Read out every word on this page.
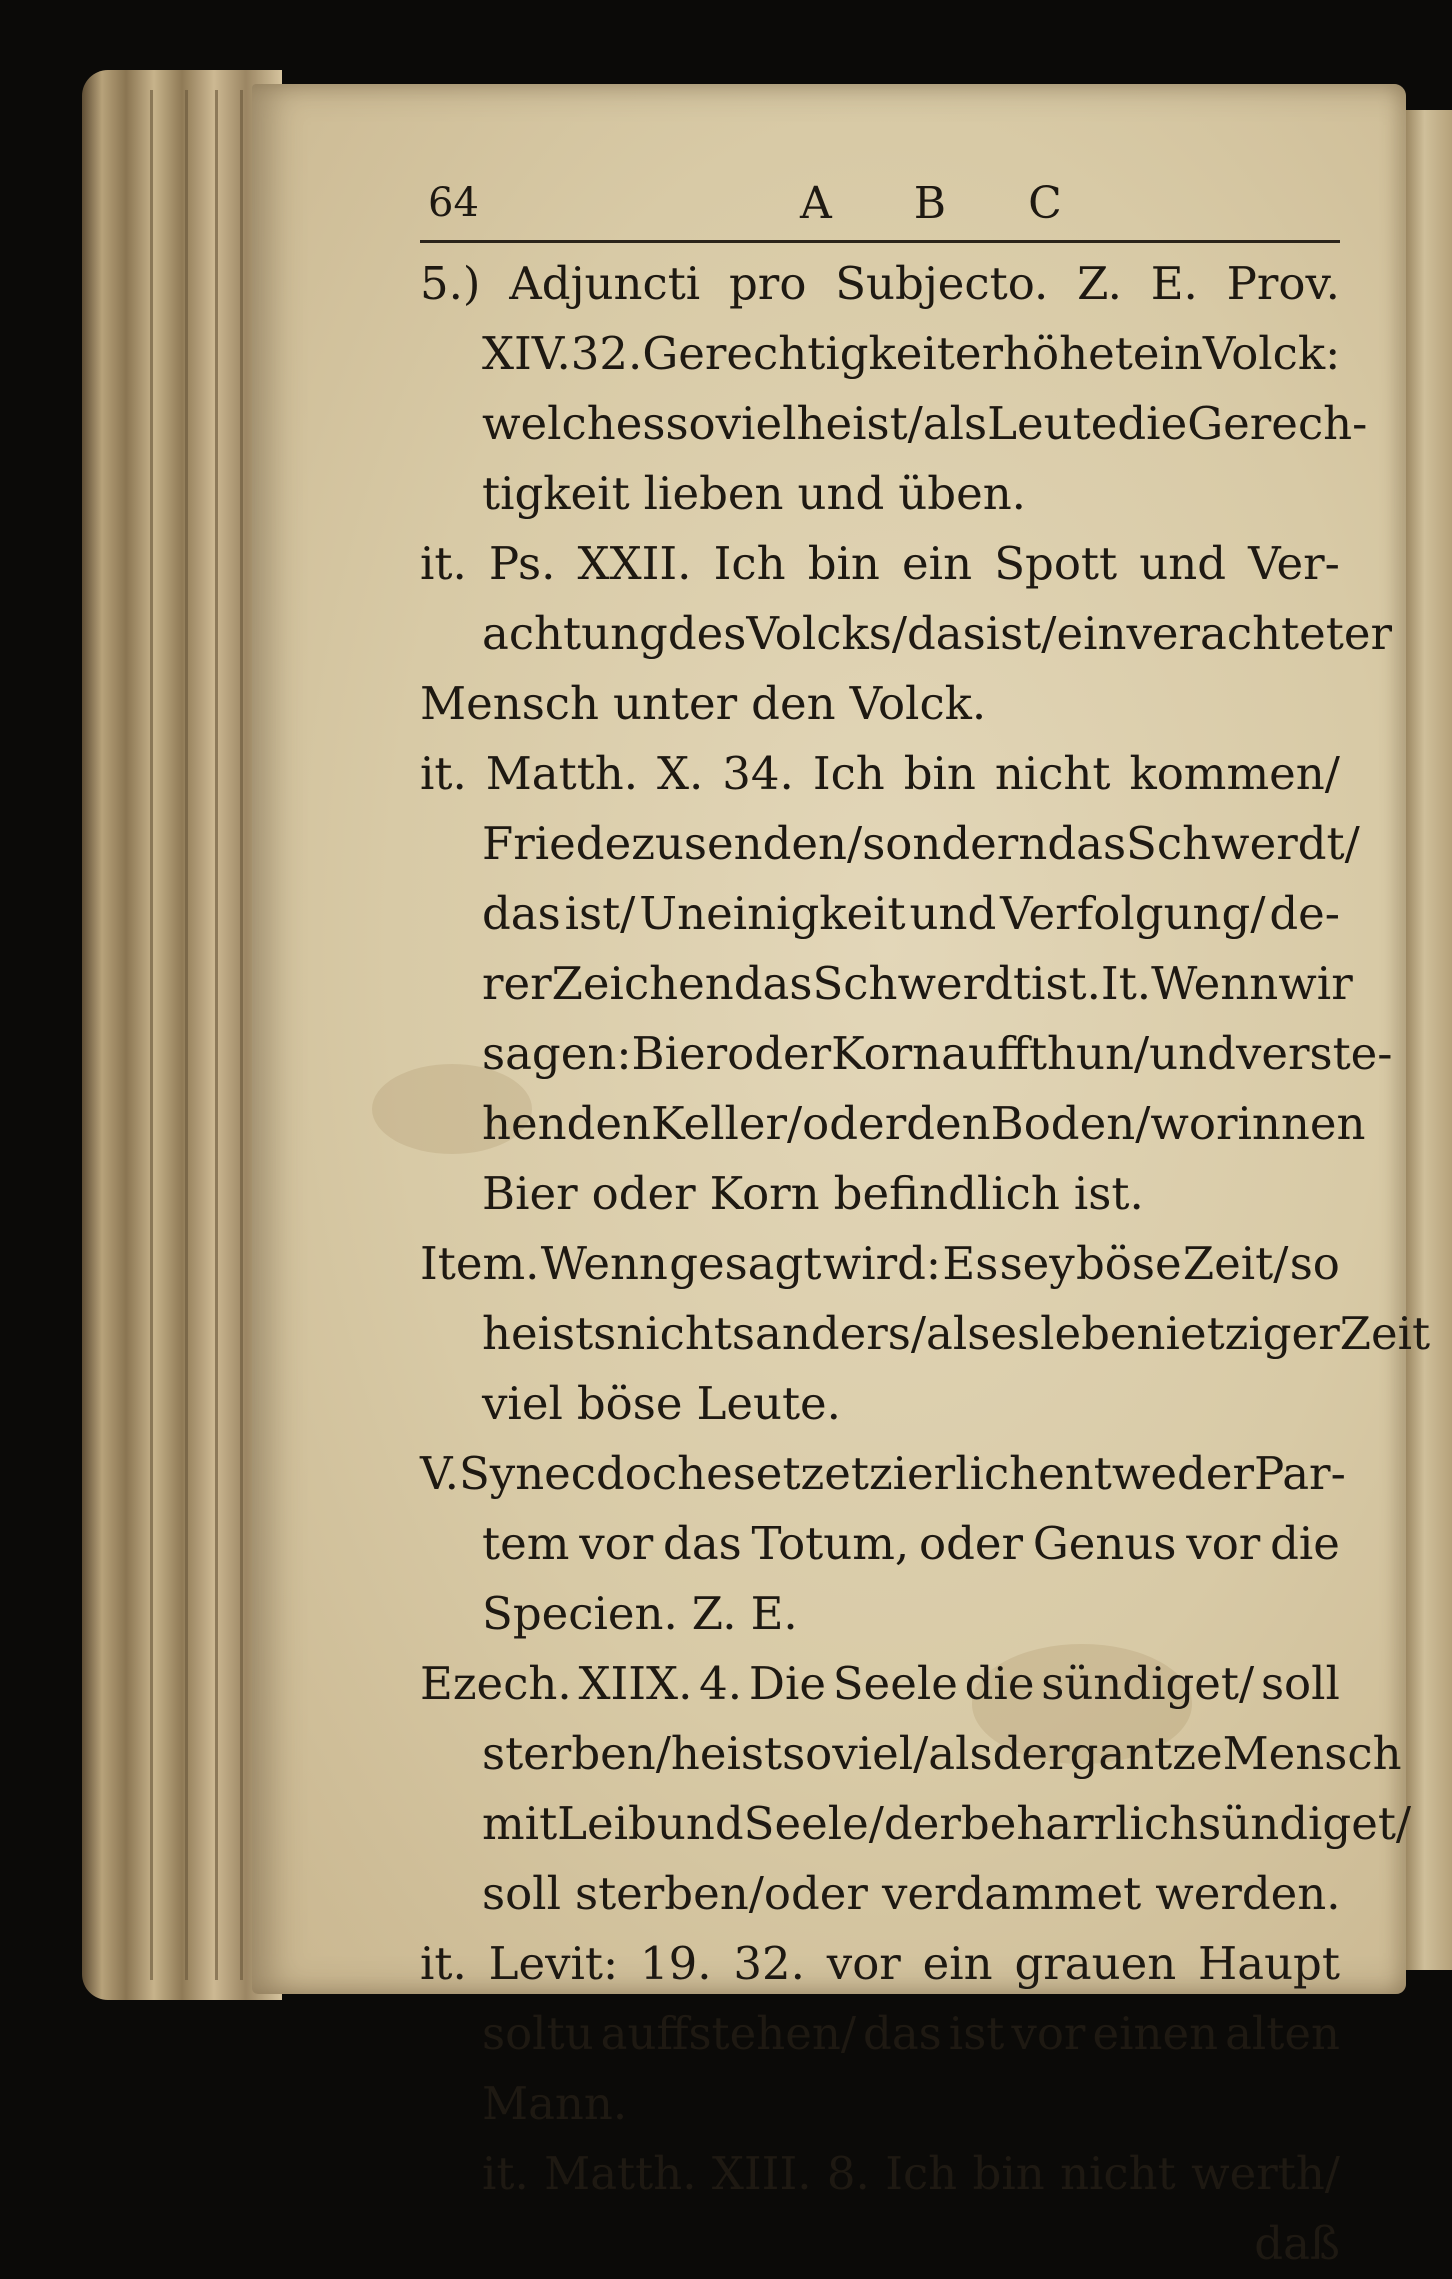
64	A B C
5.) Adjuncti pro Subjecto. Z. E. Prov.
XIV. 32. Gerechtigkeit erhöhet ein Volck:
welches so viel heist/ als Leute die Gerech-
tigkeit lieben und üben.
it. Ps. XXII. Ich bin ein Spott und Ver-
achtung des Volcks/ das ist/ ein verachteter
Mensch unter den Volck.
it. Matth. X. 34. Ich bin nicht kommen/
Friede zu senden/ sondern das Schwerdt/
das ist/ Uneinigkeit und Verfolgung/ de-
rer Zeichen das Schwerdt ist. It. Wenn wir
sagen: Bier oder Korn auffthun/ und verste-
hen den Keller/oder den Boden/ worinnen
Bier oder Korn befindlich ist.
Item. Wenn gesagt wird: Es sey böse Zeit/ so
heists nichts anders/als es leben ietziger Zeit
viel böse Leute.
V. Synecdoche setzet zierlich entweder Par-
tem vor das Totum, oder Genus vor die
Specien. Z. E.
Ezech. XIIX. 4. Die Seele die sündiget/ soll
sterben/ heist so viel/ als der gantze Mensch
mit Leib und Seele/der beharrlich sündiget/
soll sterben/oder verdammet werden.
it. Levit: 19. 32. vor ein grauen Haupt
soltu auffstehen/ das ist vor einen alten
Mann.
it. Matth. XIII. 8. Ich bin nicht werth/
daß
